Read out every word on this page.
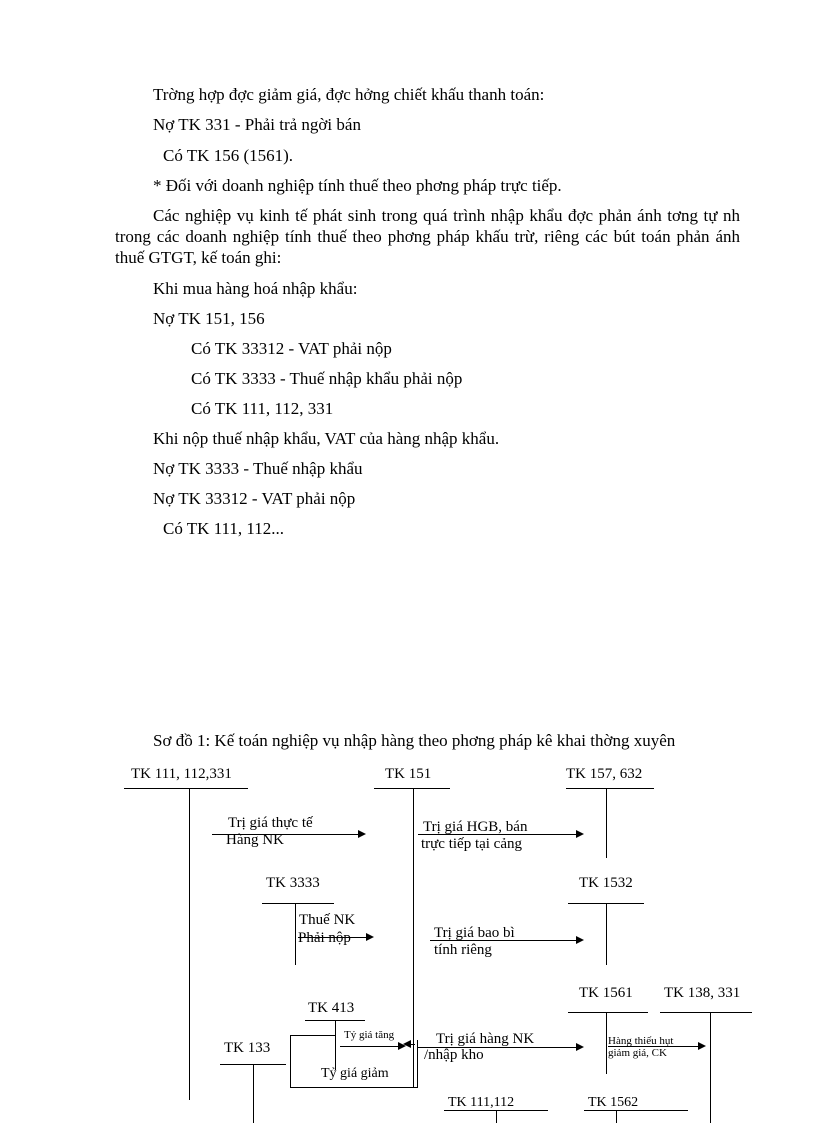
Trờng hợp đợc giảm giá, đợc hởng chiết khấu thanh toán:
Nợ TK 331 - Phải trả ngời bán
Có TK 156 (1561).
* Đối với doanh nghiệp tính thuế theo phơng pháp trực tiếp.
Các nghiệp vụ kinh tế phát sinh trong quá trình nhập khẩu đợc phản ánh tơng tự nh trong các doanh nghiệp tính thuế theo phơng pháp khấu trừ, riêng các bút toán phản ánh thuế GTGT, kế toán ghi:
Khi mua hàng hoá nhập khẩu:
Nợ TK 151, 156
Có TK 33312 - VAT phải nộp
Có TK 3333 - Thuế nhập khẩu phải nộp
Có TK 111, 112, 331
Khi nộp thuế nhập khẩu, VAT của hàng nhập khẩu.
Nợ TK 3333 - Thuế nhập khẩu
Nợ TK 33312 - VAT phải nộp
Có TK 111, 112...
Sơ đồ 1: Kế toán nghiệp vụ nhập hàng theo phơng pháp kê khai thờng xuyên
TK 111, 112,331	TK 151	TK 157, 632
TK 3333	TK 1532
TK 1561 TK 138, 331
TK 413
TK 133
TK 111,112	TK 1562
Trị giá thực tế
Hàng NK
Trị giá HGB, bán
trực tiếp tại cảng
Thuế NK
Phải nộp	Trị giá bao bì
tính riêng
Tỷ giá tăng	Trị giá hàng NK
/nhập kho
Tỷ giá giảm
Hàng thiếu hụt
giảm giá, CK
